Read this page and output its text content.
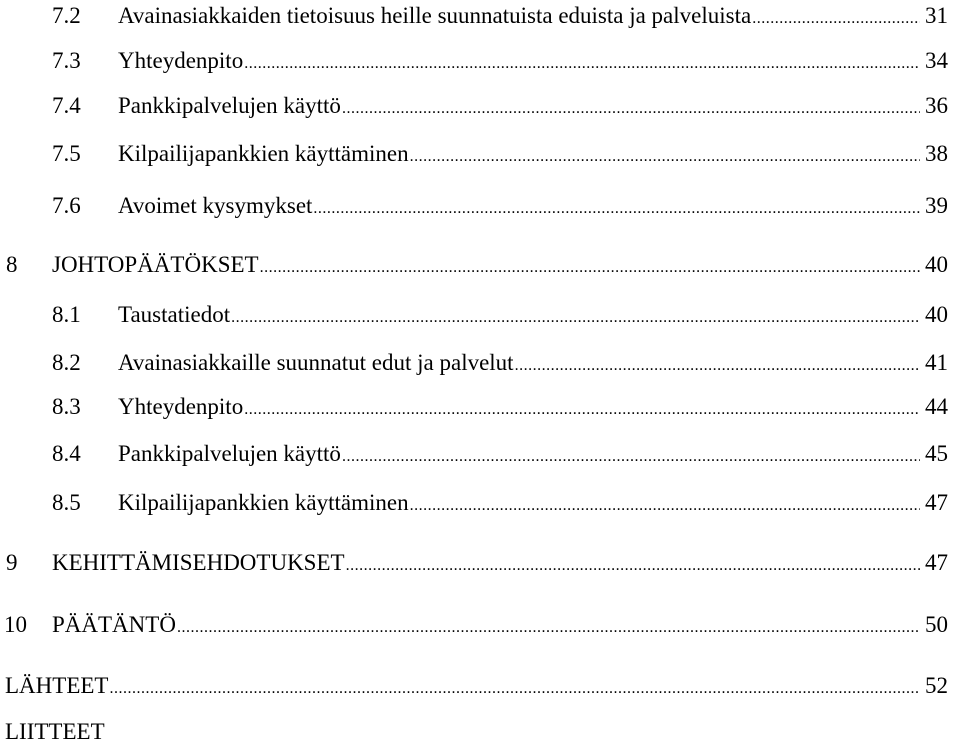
7.2 Avainasiakkaiden tietoisuus heille suunnatuista eduista ja palveluista .....	31
7.3 Yhteydenpito .....	34
7.4 Pankkipalvelujen käyttö .....	36
7.5 Kilpailijapankkien käyttäminen .....	38
7.6 Avoimet kysymykset .....	39
8 JOHTOPÄÄTÖKSET .....	40
8.1 Taustatiedot .....	40
8.2 Avainasiakkaille suunnatut edut ja palvelut .....	41
8.3 Yhteydenpito .....	44
8.4 Pankkipalvelujen käyttö .....	45
8.5 Kilpailijapankkien käyttäminen .....	47
9 KEHITTÄMISEHDOTUKSET .....	47
10 PÄÄTÄNTÖ .....	50
LÄHTEET .....	52
LIITTEET
